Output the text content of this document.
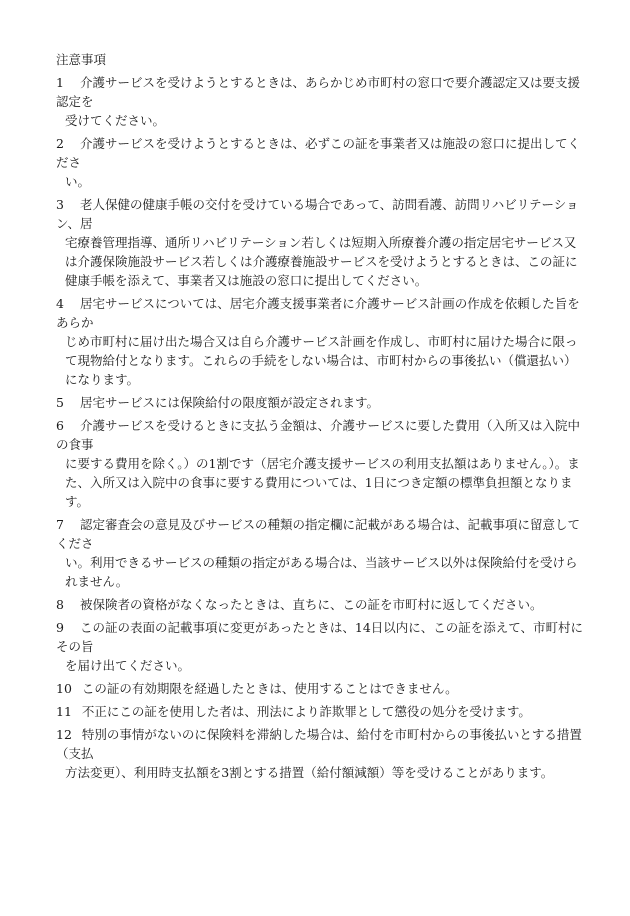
注意事項
1 介護サービスを受けようとするときは、あらかじめ市町村の窓口で要介護認定又は要支援認定を
受けてください。
2 介護サービスを受けようとするときは、必ずこの証を事業者又は施設の窓口に提出してくださ
い。
3 老人保健の健康手帳の交付を受けている場合であって、訪問看護、訪問リハビリテーション、居
宅療養管理指導、通所リハビリテーション若しくは短期入所療養介護の指定居宅サービス又は介護保険施設サービス若しくは介護療養施設サービスを受けようとするときは、この証に健康手帳を添えて、事業者又は施設の窓口に提出してください。
4 居宅サービスについては、居宅介護支援事業者に介護サービス計画の作成を依頼した旨をあらか
じめ市町村に届け出た場合又は自ら介護サービス計画を作成し、市町村に届けた場合に限って現物給付となります。これらの手続をしない場合は、市町村からの事後払い（償還払い）になります。
5 居宅サービスには保険給付の限度額が設定されます。
6 介護サービスを受けるときに支払う金額は、介護サービスに要した費用（入所又は入院中の食事
に要する費用を除く。）の1割です（居宅介護支援サービスの利用支払額はありません。）。また、入所又は入院中の食事に要する費用については、1日につき定額の標準負担額となります。
7 認定審査会の意見及びサービスの種類の指定欄に記載がある場合は、記載事項に留意してくださ
い。利用できるサービスの種類の指定がある場合は、当該サービス以外は保険給付を受けられません。
8 被保険者の資格がなくなったときは、直ちに、この証を市町村に返してください。
9 この証の表面の記載事項に変更があったときは、14日以内に、この証を添えて、市町村にその旨
を届け出てください。
10 この証の有効期限を経過したときは、使用することはできません。
11 不正にこの証を使用した者は、刑法により詐欺罪として懲役の処分を受けます。
12 特別の事情がないのに保険料を滞納した場合は、給付を市町村からの事後払いとする措置（支払
方法変更）、利用時支払額を3割とする措置（給付額減額）等を受けることがあります。
